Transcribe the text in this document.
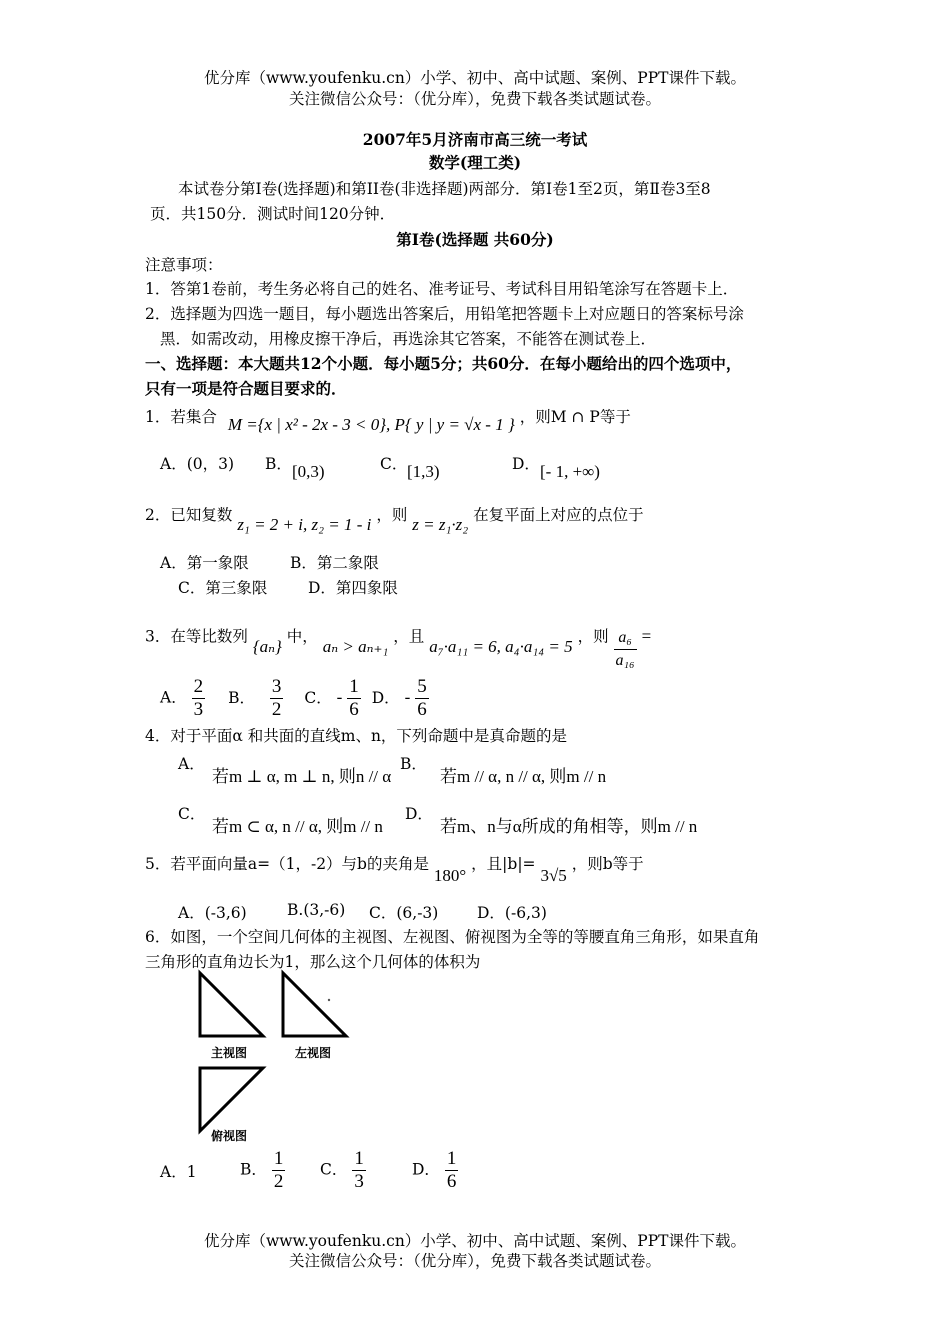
优分库（www.youfenku.cn）小学、初中、高中试题、案例、PPT课件下载。
关注微信公众号：（优分库），免费下载各类试题试卷。
2007年5月济南市高三统一考试
数学(理工类)
本试卷分第Ⅰ卷(选择题)和第II卷(非选择题)两部分．第I卷1至2页，第Ⅱ卷3至8
页．共150分．测试时间120分钟．
第Ⅰ卷(选择题 共60分)
注意事项：
1．答第1卷前，考生务必将自己的姓名、准考证号、考试科目用铅笔涂写在答题卡上．
2．选择题为四选一题目，每小题选出答案后，用铅笔把答题卡上对应题日的答案标号涂
黑．如需改动，用橡皮擦干净后，再选涂其它答案，不能答在测试卷上．
一、选择题：本大题共12个小题．每小题5分；共60分．在每小题给出的四个选项中，
只有一项是符合题目要求的．
1．若集合 M ={x | x² - 2x - 3 < 0}, P{ y | y = √x - 1 } ，则M ∩ P等于
A．(0，3) B． [0,3)	C． [1,3)	D． [- 1, +∞)
2．已知复数 z₁ = 2 + i, z₂ = 1 - i ，则 z = z₁·z₂ 在复平面上对应的点位于
A．第一象限	B．第二象限
C．第三象限	D．第四象限
3．在等比数列 {aₙ} 中， aₙ > aₙ₊₁ ，且 a₇·a₁₁ = 6, a₄·a₁₄ = 5 ，则 $\frac{\text{a₆}}{\text{a₁₆}}$ =
A． $\frac{2}{3}$ B． $\frac{3}{2}$ C． - $\frac{1}{6}$ D． - $\frac{5}{6}$
4．对于平面α 和共面的直线m、n，下列命题中是真命题的是
A．
若m ⊥ α, m ⊥ n, 则n // α
B．
若m // α, n // α, 则m // n
C．
若m ⊂ α, n // α, 则m // n
D．
若m、n与α所成的角相等，则m // n
5．若平面向量a=（1，-2）与b的夹角是 180° ，且|b|= 3√5 ，则b等于
A．(-3,6)	B.(3,-6) C．(6,-3) D．(-6,3)
6．如图，一个空间几何体的主视图、左视图、俯视图为全等的等腰直角三角形，如果直角
三角形的直角边长为1，那么这个几何体的体积为
主视图	左视图
俯视图
A．1	B． $\frac{1}{2}$ C． $\frac{1}{3}$	D． $\frac{1}{6}$
优分库（www.youfenku.cn）小学、初中、高中试题、案例、PPT课件下载。
关注微信公众号：（优分库），免费下载各类试题试卷。
